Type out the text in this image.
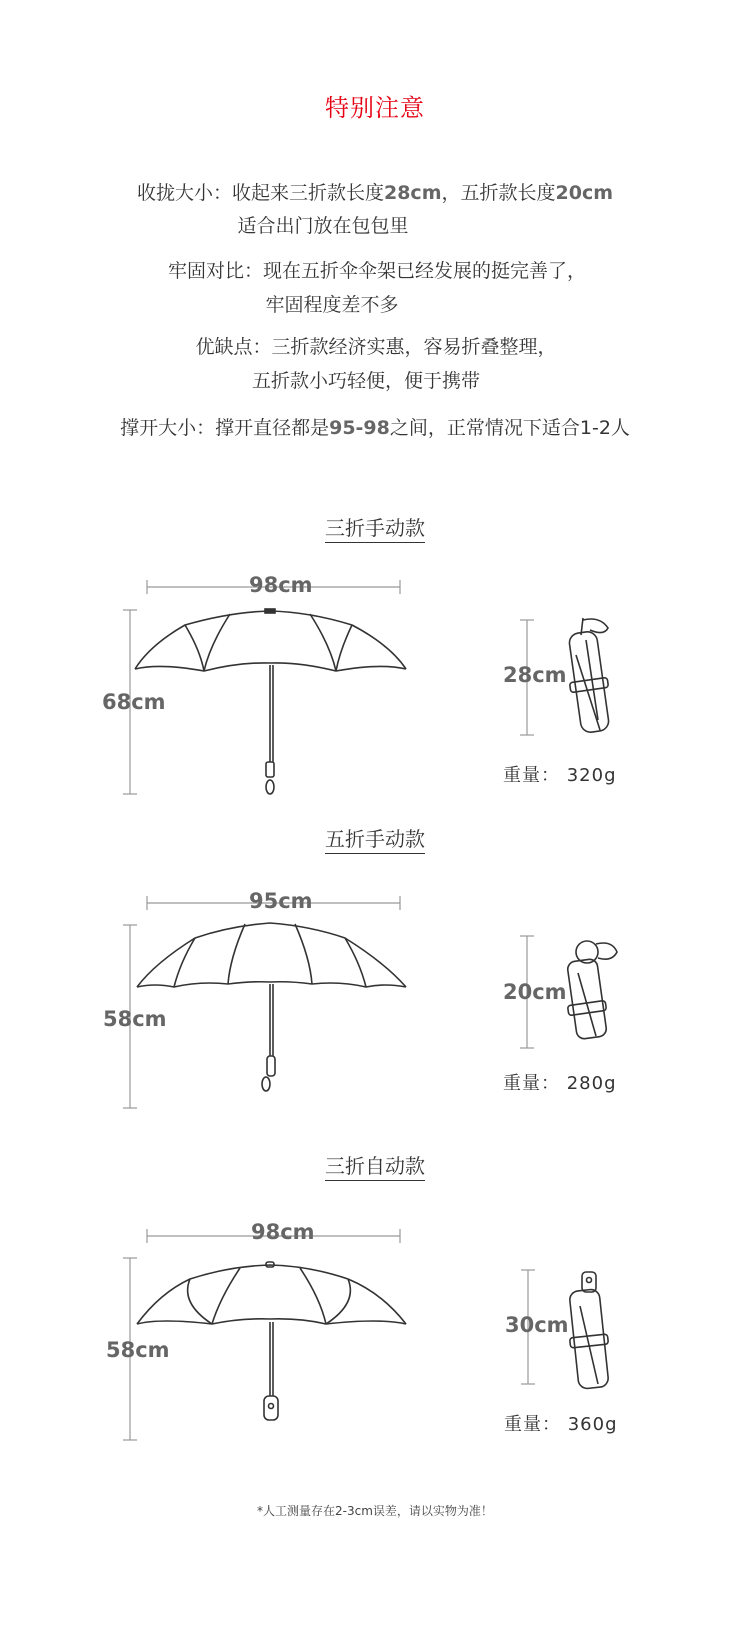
特别注意
收拢大小：收起来三折款长度28cm，五折款长度20cm
适合出门放在包包里
牢固对比：现在五折伞伞架已经发展的挺完善了，
牢固程度差不多
优缺点：三折款经济实惠，容易折叠整理，
五折款小巧轻便，便于携带
撑开大小：撑开直径都是95-98之间，正常情况下适合1-2人
三折手动款
98cm
68cm
28cm
重量： 320g
五折手动款
95cm
58cm
20cm
重量： 280g
三折自动款
98cm
58cm
30cm
重量： 360g
*人工测量存在2-3cm误差，请以实物为准！
